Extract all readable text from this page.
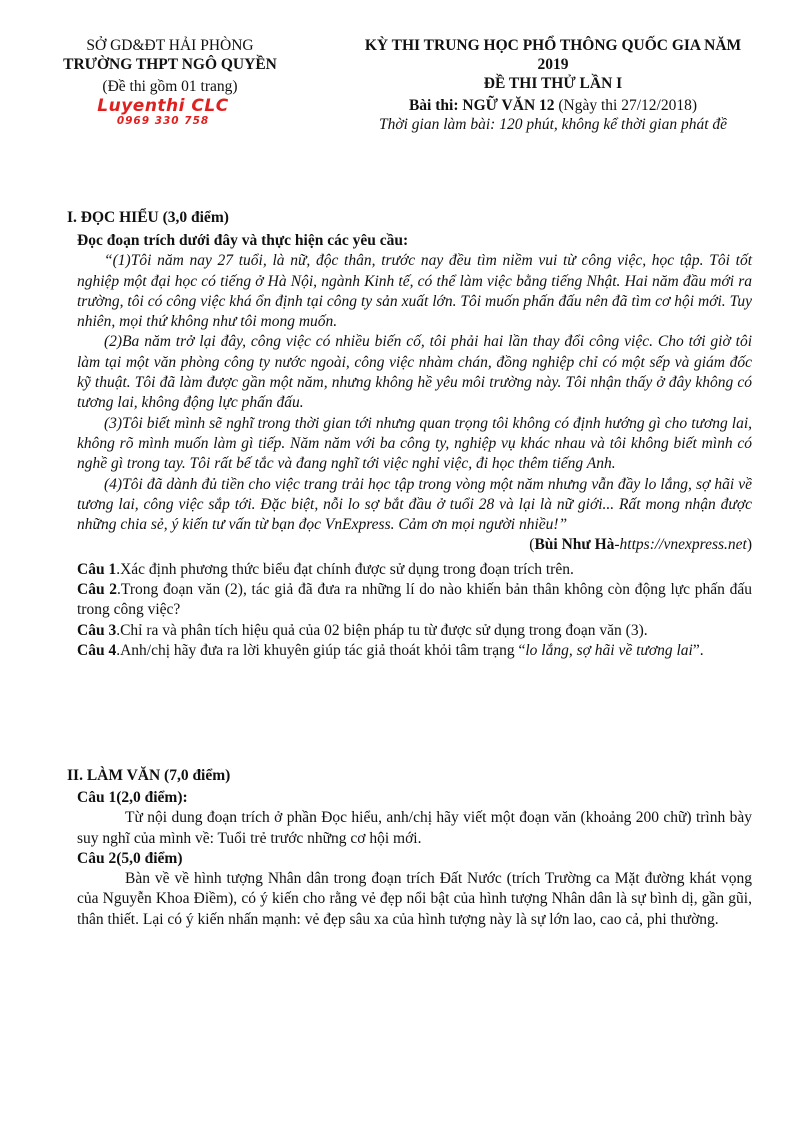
SỞ GD&ĐT HẢI PHÒNG
TRƯỜNG THPT NGÔ QUYỀN
(Đề thi gồm 01 trang)
Luyenthi CLC
0969 330 758
KỲ THI TRUNG HỌC PHỔ THÔNG QUỐC GIA NĂM
2019
ĐỀ THI THỬ LẦN I
Bài thi: NGỮ VĂN 12 (Ngày thi 27/12/2018)
Thời gian làm bài: 120 phút, không kể thời gian phát đề

I. ĐỌC HIỂU (3,0 điểm)

Đọc đoạn trích dưới đây và thực hiện các yêu cầu:

“(1)Tôi năm nay 27 tuổi, là nữ, độc thân, trước nay đều tìm niềm vui từ công việc, học tập. Tôi tốt nghiệp một đại học có tiếng ở Hà Nội, ngành Kinh tế, có thể làm việc bằng tiếng Nhật. Hai năm đầu mới ra trường, tôi có công việc khá ổn định tại công ty sản xuất lớn. Tôi muốn phấn đấu nên đã tìm cơ hội mới. Tuy nhiên, mọi thứ không như tôi mong muốn.

(2)Ba năm trở lại đây, công việc có nhiều biến cố, tôi phải hai lần thay đổi công việc. Cho tới giờ tôi làm tại một văn phòng công ty nước ngoài, công việc nhàm chán, đồng nghiệp chỉ có một sếp và giám đốc kỹ thuật. Tôi đã làm được gần một năm, nhưng không hề yêu môi trường này. Tôi nhận thấy ở đây không có tương lai, không động lực phấn đấu.

(3)Tôi biết mình sẽ nghĩ trong thời gian tới nhưng quan trọng tôi không có định hướng gì cho tương lai, không rõ mình muốn làm gì tiếp. Năm năm với ba công ty, nghiệp vụ khác nhau và tôi không biết mình có nghề gì trong tay. Tôi rất bế tắc và đang nghĩ tới việc nghỉ việc, đi học thêm tiếng Anh.

(4)Tôi đã dành đủ tiền cho việc trang trải học tập trong vòng một năm nhưng vẫn đầy lo lắng, sợ hãi về tương lai, công việc sắp tới. Đặc biệt, nỗi lo sợ bắt đầu ở tuổi 28 và lại là nữ giới... Rất mong nhận được những chia sẻ, ý kiến tư vấn từ bạn đọc VnExpress. Cảm ơn mọi người nhiều!”

(Bùi Như Hà-https://vnexpress.net)

Câu 1.Xác định phương thức biểu đạt chính được sử dụng trong đoạn trích trên.

Câu 2.Trong đoạn văn (2), tác giả đã đưa ra những lí do nào khiến bản thân không còn động lực phấn đấu trong công việc?

Câu 3.Chỉ ra và phân tích hiệu quả của 02 biện pháp tu từ được sử dụng trong đoạn văn (3).

Câu 4.Anh/chị hãy đưa ra lời khuyên giúp tác giả thoát khỏi tâm trạng “lo lắng, sợ hãi về tương lai”.

II. LÀM VĂN (7,0 điểm)

Câu 1(2,0 điểm):

Từ nội dung đoạn trích ở phần Đọc hiểu, anh/chị hãy viết một đoạn văn (khoảng 200 chữ) trình bày suy nghĩ của mình về: Tuổi trẻ trước những cơ hội mới.

Câu 2(5,0 điểm)

Bàn về về hình tượng Nhân dân trong đoạn trích Đất Nước (trích Trường ca Mặt đường khát vọng của Nguyễn Khoa Điềm), có ý kiến cho rằng vẻ đẹp nổi bật của hình tượng Nhân dân là sự bình dị, gần gũi, thân thiết. Lại có ý kiến nhấn mạnh: vẻ đẹp sâu xa của hình tượng này là sự lớn lao, cao cả, phi thường.
